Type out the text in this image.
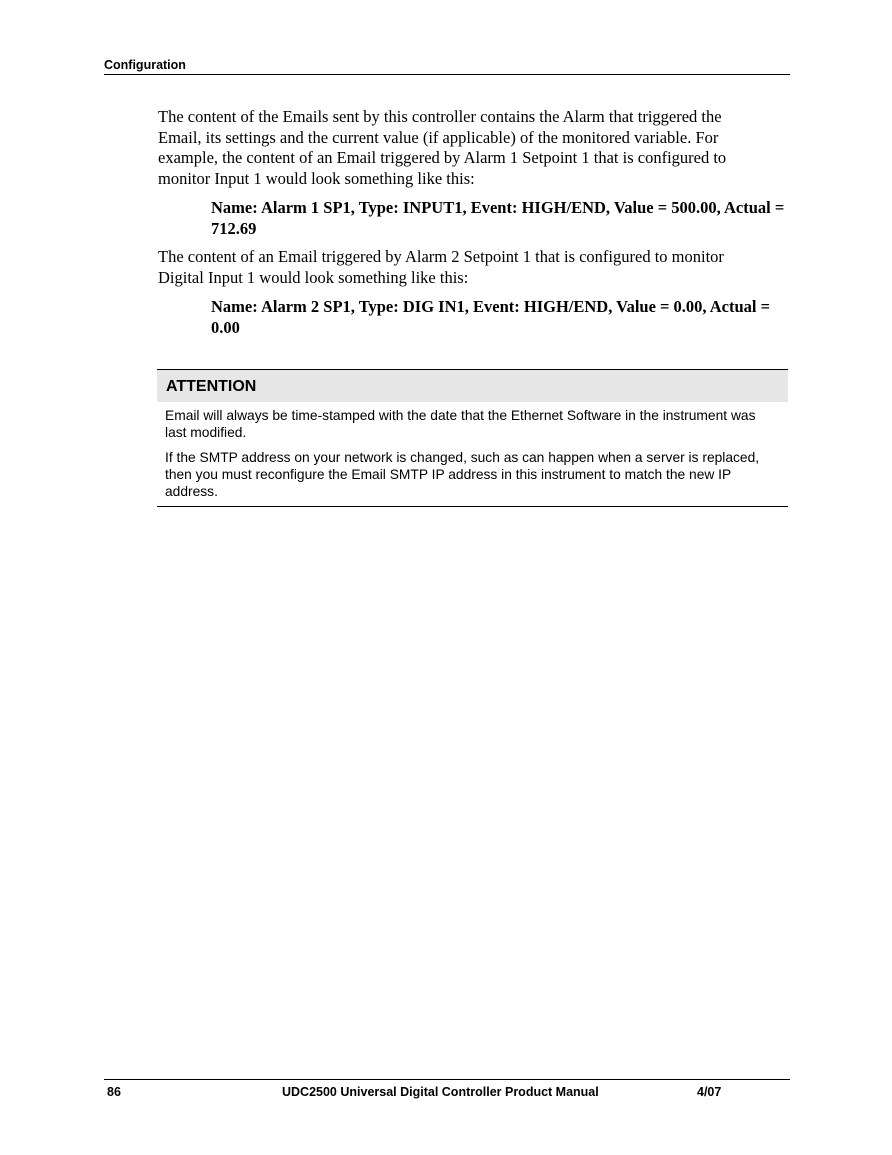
Configuration

The content of the Emails sent by this controller contains the Alarm that triggered the Email, its settings and the current value (if applicable) of the monitored variable. For example, the content of an Email triggered by Alarm 1 Setpoint 1 that is configured to monitor Input 1 would look something like this:

Name: Alarm 1 SP1, Type: INPUT1, Event: HIGH/END, Value = 500.00, Actual = 712.69

The content of an Email triggered by Alarm 2 Setpoint 1 that is configured to monitor Digital Input 1 would look something like this:

Name: Alarm 2 SP1, Type: DIG IN1, Event: HIGH/END, Value = 0.00, Actual = 0.00

ATTENTION

Email will always be time-stamped with the date that the Ethernet Software in the instrument was last modified.

If the SMTP address on your network is changed, such as can happen when a server is replaced, then you must reconfigure the Email SMTP IP address in this instrument to match the new IP address.

86	UDC2500 Universal Digital Controller Product Manual	4/07
